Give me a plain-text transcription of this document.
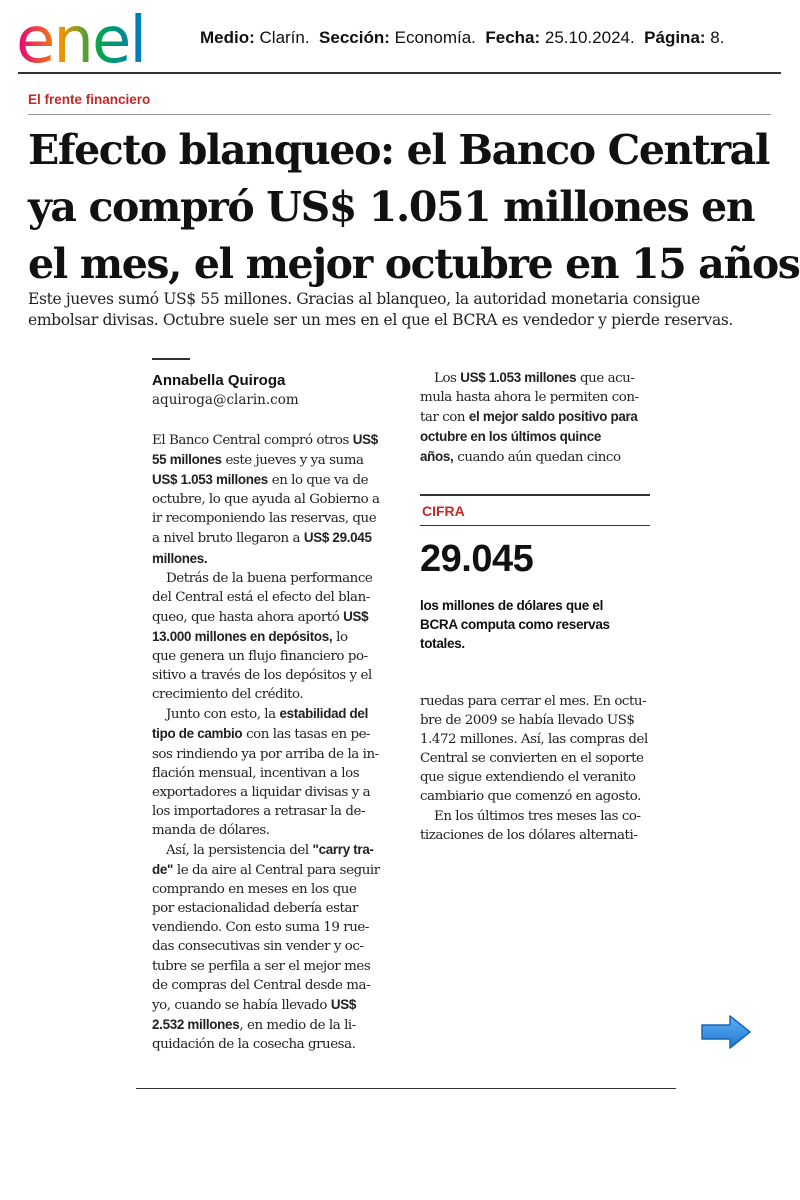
enel	Medio: Clarín. Sección: Economía. Fecha: 25.10.2024. Página: 8.
El frente financiero
Efecto blanqueo: el Banco Central
ya compró US$ 1.051 millones en
el mes, el mejor octubre en 15 años
Este jueves sumó US$ 55 millones. Gracias al blanqueo, la autoridad monetaria consigue
embolsar divisas. Octubre suele ser un mes en el que el BCRA es vendedor y pierde reservas.
Annabella Quiroga
aquiroga@clarin.com
El Banco Central compró otros US$
55 millones este jueves y ya suma
US$ 1.053 millones en lo que va de
octubre, lo que ayuda al Gobierno a
ir recomponiendo las reservas, que
a nivel bruto llegaron a US$ 29.045
millones.
Detrás de la buena performance
del Central está el efecto del blan-
queo, que hasta ahora aportó US$
13.000 millones en depósitos, lo
que genera un flujo financiero po-
sitivo a través de los depósitos y el
crecimiento del crédito.
Junto con esto, la estabilidad del
tipo de cambio con las tasas en pe-
sos rindiendo ya por arriba de la in-
flación mensual, incentivan a los
exportadores a liquidar divisas y a
los importadores a retrasar la de-
manda de dólares.
Así, la persistencia del "carry tra-
de" le da aire al Central para seguir
comprando en meses en los que
por estacionalidad debería estar
vendiendo. Con esto suma 19 rue-
das consecutivas sin vender y oc-
tubre se perfila a ser el mejor mes
de compras del Central desde ma-
yo, cuando se había llevado US$
2.532 millones, en medio de la li-
quidación de la cosecha gruesa.
Los US$ 1.053 millones que acu-
mula hasta ahora le permiten con-
tar con el mejor saldo positivo para
octubre en los últimos quince
años, cuando aún quedan cinco
CIFRA
29.045
los millones de dólares que el
BCRA computa como reservas
totales.
ruedas para cerrar el mes. En octu-
bre de 2009 se había llevado US$
1.472 millones. Así, las compras del
Central se convierten en el soporte
que sigue extendiendo el veranito
cambiario que comenzó en agosto.
En los últimos tres meses las co-
tizaciones de los dólares alternati-
